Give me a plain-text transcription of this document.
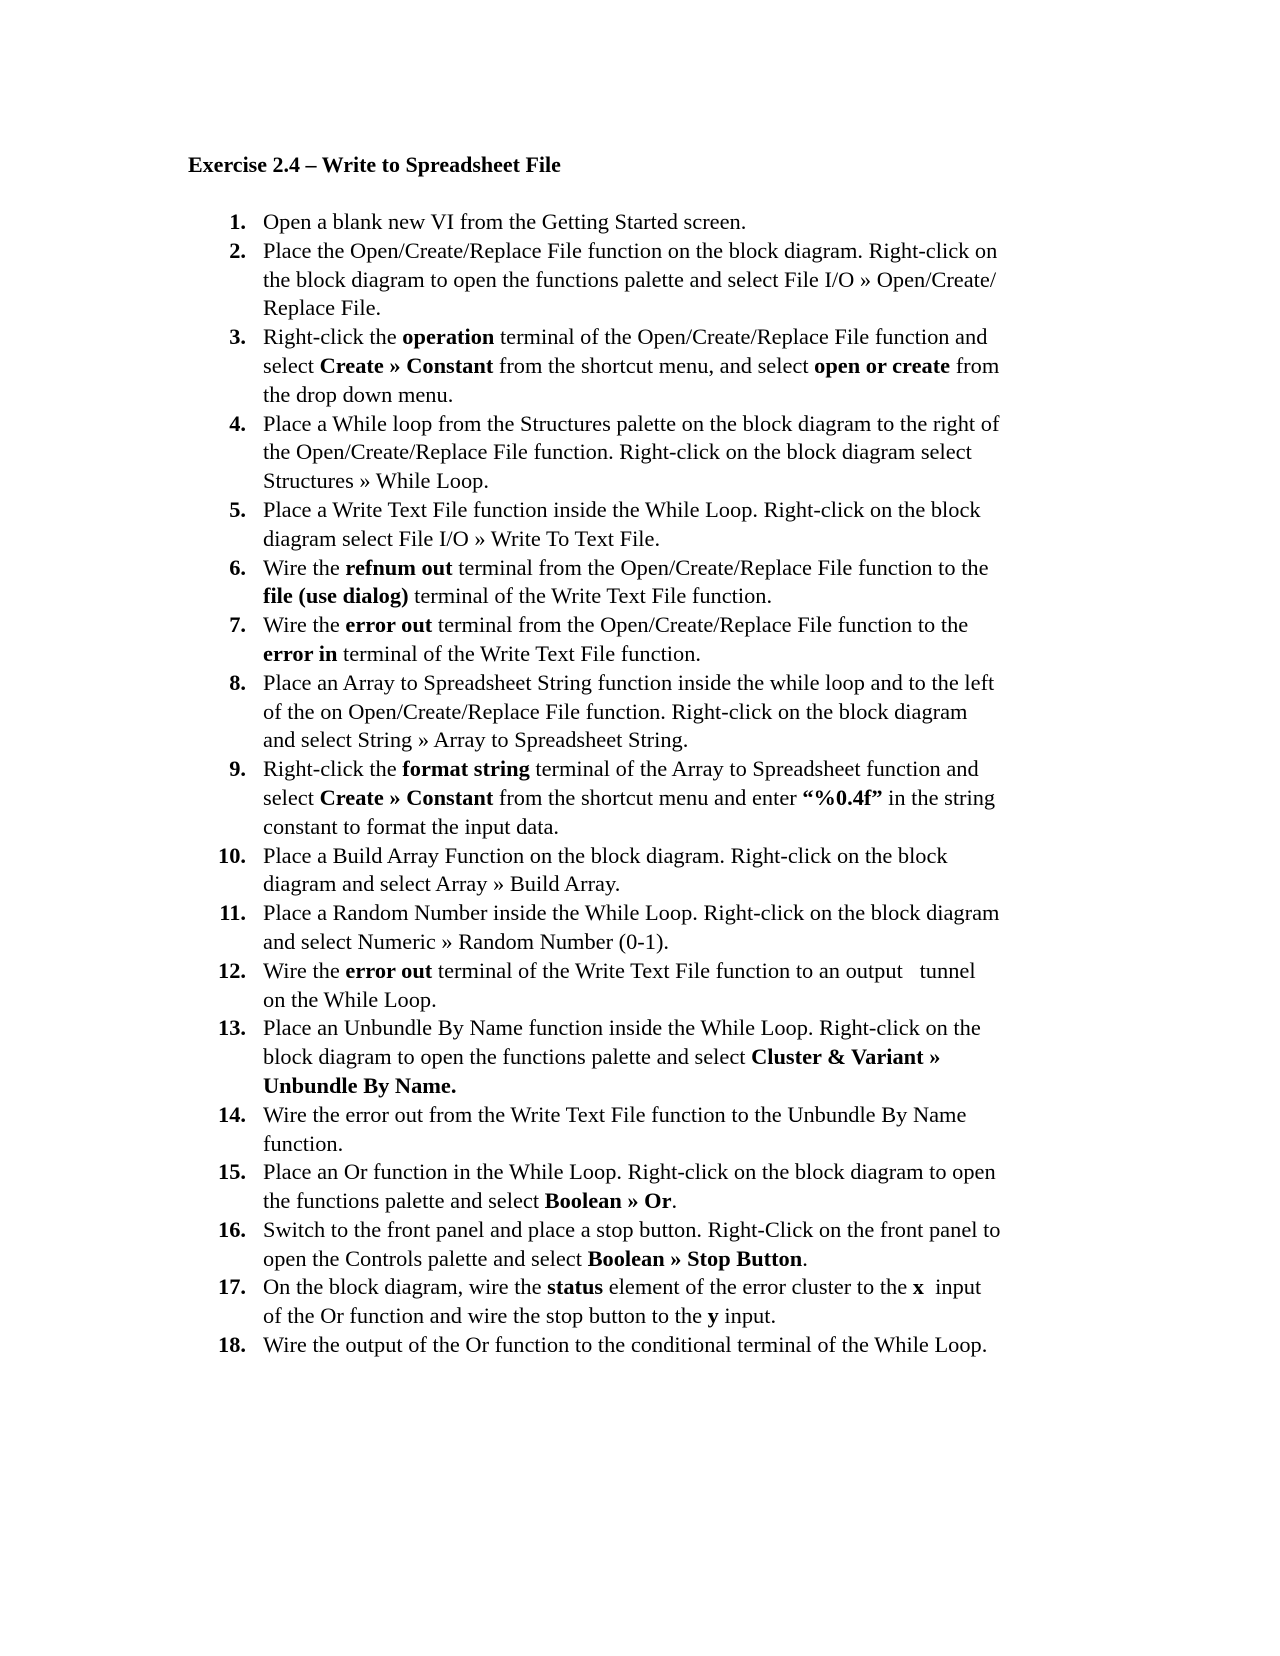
Exercise 2.4 – Write to Spreadsheet File
1. Open a blank new VI from the Getting Started screen.
2. Place the Open/Create/Replace File function on the block diagram. Right-click on
the block diagram to open the functions palette and select File I/O » Open/Create/
Replace File.
3. Right-click the operation terminal of the Open/Create/Replace File function and
select Create » Constant from the shortcut menu, and select open or create from
the drop down menu.
4. Place a While loop from the Structures palette on the block diagram to the right of
the Open/Create/Replace File function. Right-click on the block diagram select
Structures » While Loop.
5. Place a Write Text File function inside the While Loop. Right-click on the block
diagram select File I/O » Write To Text File.
6. Wire the refnum out terminal from the Open/Create/Replace File function to the
file (use dialog) terminal of the Write Text File function.
7. Wire the error out terminal from the Open/Create/Replace File function to the
error in terminal of the Write Text File function.
8. Place an Array to Spreadsheet String function inside the while loop and to the left
of the on Open/Create/Replace File function. Right-click on the block diagram
and select String » Array to Spreadsheet String.
9. Right-click the format string terminal of the Array to Spreadsheet function and
select Create » Constant from the shortcut menu and enter “%0.4f” in the string
constant to format the input data.
10. Place a Build Array Function on the block diagram. Right-click on the block
diagram and select Array » Build Array.
11. Place a Random Number inside the While Loop. Right-click on the block diagram
and select Numeric » Random Number (0-1).
12. Wire the error out terminal of the Write Text File function to an output   tunnel
on the While Loop.
13. Place an Unbundle By Name function inside the While Loop. Right-click on the
block diagram to open the functions palette and select Cluster & Variant »
Unbundle By Name.
14. Wire the error out from the Write Text File function to the Unbundle By Name
function.
15. Place an Or function in the While Loop. Right-click on the block diagram to open
the functions palette and select Boolean » Or.
16. Switch to the front panel and place a stop button. Right-Click on the front panel to
open the Controls palette and select Boolean » Stop Button.
17. On the block diagram, wire the status element of the error cluster to the x  input
of the Or function and wire the stop button to the y input.
18. Wire the output of the Or function to the conditional terminal of the While Loop.
